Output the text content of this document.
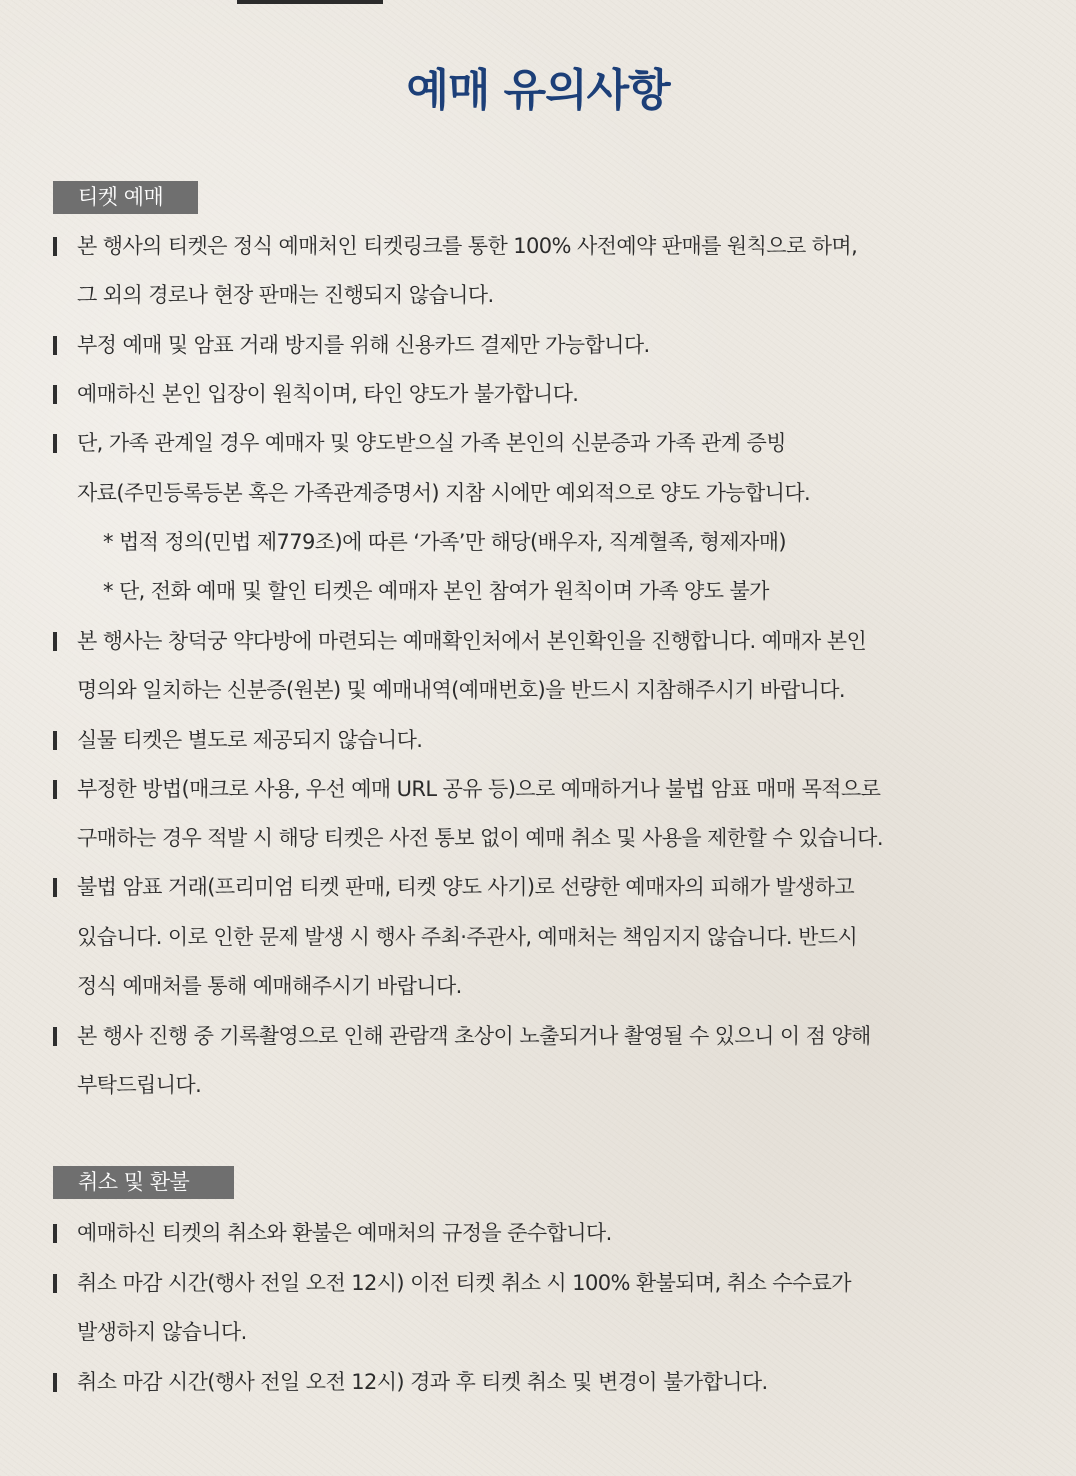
예매 유의사항
티켓 예매
본 행사의 티켓은 정식 예매처인 티켓링크를 통한 100% 사전예약 판매를 원칙으로 하며,
그 외의 경로나 현장 판매는 진행되지 않습니다.
부정 예매 및 암표 거래 방지를 위해 신용카드 결제만 가능합니다.
예매하신 본인 입장이 원칙이며, 타인 양도가 불가합니다.
단, 가족 관계일 경우 예매자 및 양도받으실 가족 본인의 신분증과 가족 관계 증빙
자료(주민등록등본 혹은 가족관계증명서) 지참 시에만 예외적으로 양도 가능합니다.
* 법적 정의(민법 제779조)에 따른 ‘가족’만 해당(배우자, 직계혈족, 형제자매)
* 단, 전화 예매 및 할인 티켓은 예매자 본인 참여가 원칙이며 가족 양도 불가
본 행사는 창덕궁 약다방에 마련되는 예매확인처에서 본인확인을 진행합니다. 예매자 본인
명의와 일치하는 신분증(원본) 및 예매내역(예매번호)을 반드시 지참해주시기 바랍니다.
실물 티켓은 별도로 제공되지 않습니다.
부정한 방법(매크로 사용, 우선 예매 URL 공유 등)으로 예매하거나 불법 암표 매매 목적으로
구매하는 경우 적발 시 해당 티켓은 사전 통보 없이 예매 취소 및 사용을 제한할 수 있습니다.
불법 암표 거래(프리미엄 티켓 판매, 티켓 양도 사기)로 선량한 예매자의 피해가 발생하고
있습니다. 이로 인한 문제 발생 시 행사 주최·주관사, 예매처는 책임지지 않습니다. 반드시
정식 예매처를 통해 예매해주시기 바랍니다.
본 행사 진행 중 기록촬영으로 인해 관람객 초상이 노출되거나 촬영될 수 있으니 이 점 양해
부탁드립니다.
취소 및 환불
예매하신 티켓의 취소와 환불은 예매처의 규정을 준수합니다.
취소 마감 시간(행사 전일 오전 12시) 이전 티켓 취소 시 100% 환불되며, 취소 수수료가
발생하지 않습니다.
취소 마감 시간(행사 전일 오전 12시) 경과 후 티켓 취소 및 변경이 불가합니다.
